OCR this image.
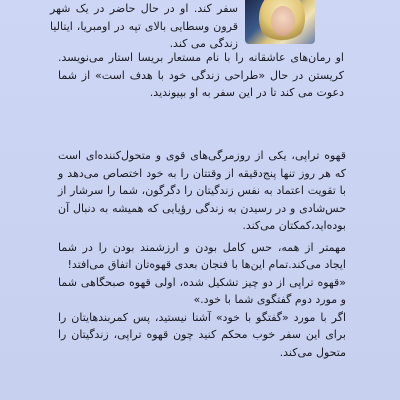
سفر کند. او در حال حاضر در یک شهر قرون وسطایی بالای تپه در اومبریا، ایتالیا زندگی می کند.

او رمان‌های عاشقانه را با نام مستعار بریسا استار می‌نویسد. کریستن در حال «طراحی زندگی خود با هدف است» از شما دعوت می کند تا در این سفر به او بپیوندید.

قهوه تراپی، یکی از روزمرگی‌های قوی و متحول‌کننده‌ای است که هر روز تنها پنج‌دقیقه از وقتتان را به خود اختصاص می‌دهد و با تقویت اعتماد به نفس زندگیتان را دگرگون، شما را سرشار از حس‌شادی و در رسیدن به زندگی رؤیایی که همیشه به دنبال آن بوده‌اید،کمکتان می‌کند.

مهمتر از همه، حس کامل بودن و ارزشمند بودن را در شما ایجاد می‌کند.تمام این‌ها با فنجان بعدی قهوه‌تان اتفاق می‌افتد!

«قهوه تراپی از دو چیز تشکیل شده، اولی قهوه صبحگاهی شما و مورد دوم گفتگوی شما با خود.»

اگر با مورد «گفتگو با خود» آشنا نیستید، پس کمربندهایتان را برای این سفر خوب محکم کنید چون قهوه تراپی، زندگیتان را متحول می‌کند.
